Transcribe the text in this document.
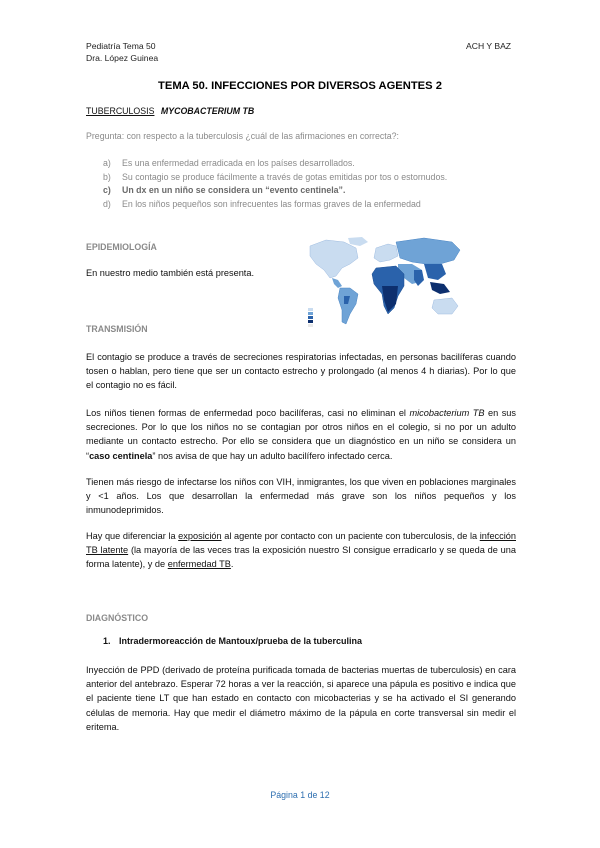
Pediatría Tema 50
Dra. López Guinea
ACH Y BAZ
TEMA 50. INFECCIONES POR DIVERSOS AGENTES 2
TUBERCULOSIS MYCOBACTERIUM TB
Pregunta: con respecto a la tuberculosis ¿cuál de las afirmaciones en correcta?:
a) Es una enfermedad erradicada en los países desarrollados.
b) Su contagio se produce fácilmente a través de gotas emitidas por tos o estornudos.
c) Un dx en un niño se considera un “evento centinela”.
d) En los niños pequeños son infrecuentes las formas graves de la enfermedad
EPIDEMIOLOGÍA
En nuestro medio también está presenta.
TRANSMISIÓN

El contagio se produce a través de secreciones respiratorias infectadas, en personas bacilíferas cuando tosen o hablan, pero tiene que ser un contacto estrecho y prolongado (al menos 4 h diarias). Por lo que el contagio no es fácil.

Los niños tienen formas de enfermedad poco bacilíferas, casi no eliminan el micobacterium TB en sus secreciones. Por lo que los niños no se contagian por otros niños en el colegio, si no por un adulto mediante un contacto estrecho. Por ello se considera que un diagnóstico en un niño se considera un “caso centinela” nos avisa de que hay un adulto bacilífero infectado cerca.

Tienen más riesgo de infectarse los niños con VIH, inmigrantes, los que viven en poblaciones marginales y <1 años. Los que desarrollan la enfermedad más grave son los niños pequeños y los inmunodeprimidos.

Hay que diferenciar la exposición al agente por contacto con un paciente con tuberculosis, de la infección TB latente (la mayoría de las veces tras la exposición nuestro SI consigue erradicarlo y se queda de una forma latente), y de enfermedad TB.

DIAGNÓSTICO
1. Intradermoreacción de Mantoux/prueba de la tuberculina

Inyección de PPD (derivado de proteína purificada tomada de bacterias muertas de tuberculosis) en cara anterior del antebrazo. Esperar 72 horas a ver la reacción, si aparece una pápula es positivo e indica que el paciente tiene LT que han estado en contacto con micobacterias y se ha activado el SI generando células de memoria. Hay que medir el diámetro máximo de la pápula en corte transversal sin medir el eritema.

Página 1 de 12
